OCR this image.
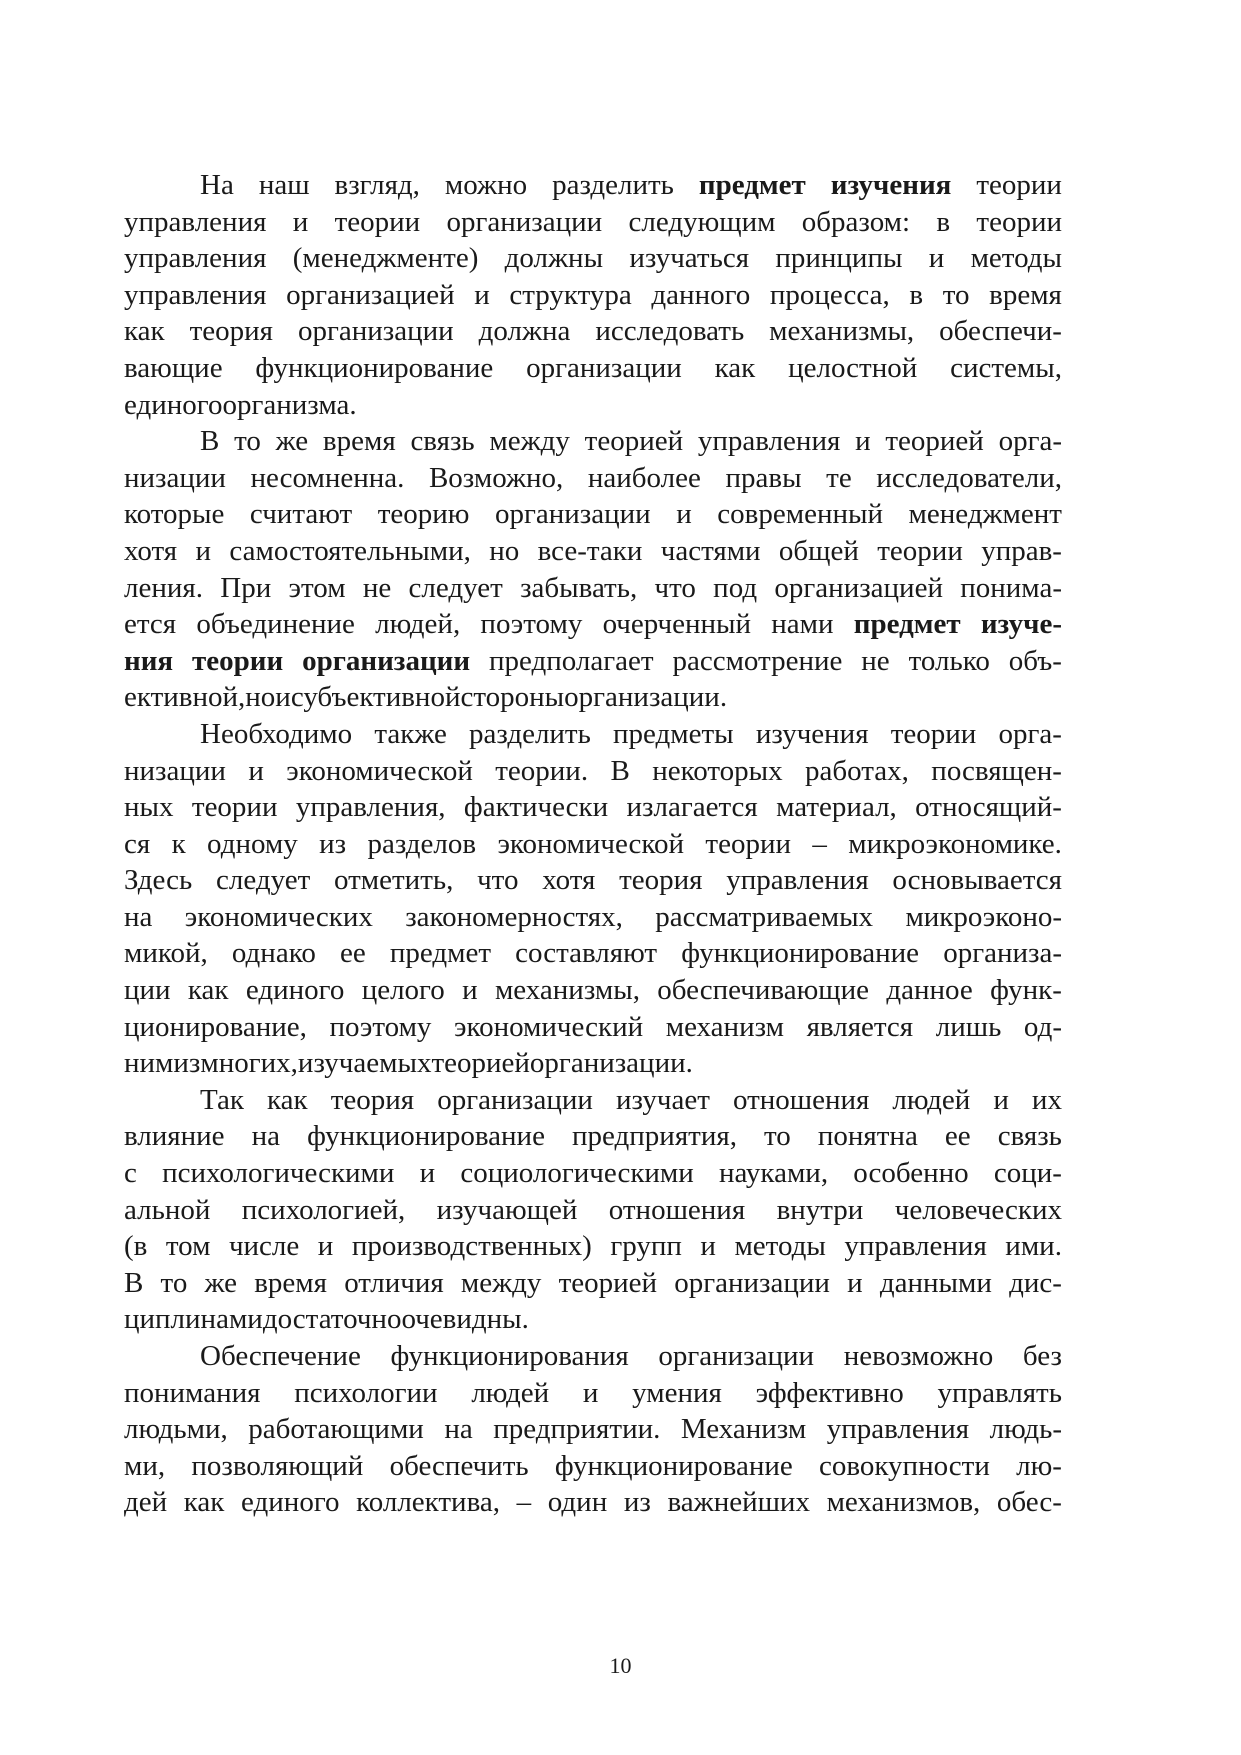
На наш взгляд, можно разделить предмет изучения теории
управления и теории организации следующим образом: в теории
управления (менеджменте) должны изучаться принципы и методы
управления организацией и структура данного процесса, в то время
как теория организации должна исследовать механизмы, обеспечи-
вающие функционирование организации как целостной системы,
единого организма.
В то же время связь между теорией управления и теорией орга-
низации несомненна. Возможно, наиболее правы те исследователи,
которые считают теорию организации и современный менеджмент
хотя и самостоятельными, но все-таки частями общей теории управ-
ления. При этом не следует забывать, что под организацией понима-
ется объединение людей, поэтому очерченный нами предмет изуче-
ния теории организации предполагает рассмотрение не только объ-
ективной, но и субъективной стороны организации.
Необходимо также разделить предметы изучения теории орга-
низации и экономической теории. В некоторых работах, посвящен-
ных теории управления, фактически излагается материал, относящий-
ся к одному из разделов экономической теории – микроэкономике.
Здесь следует отметить, что хотя теория управления основывается
на экономических закономерностях, рассматриваемых микроэконо-
микой, однако ее предмет составляют функционирование организа-
ции как единого целого и механизмы, обеспечивающие данное функ-
ционирование, поэтому экономический механизм является лишь од-
ним из многих, изучаемых теорией организации.
Так как теория организации изучает отношения людей и их
влияние на функционирование предприятия, то понятна ее связь
с психологическими и социологическими науками, особенно соци-
альной психологией, изучающей отношения внутри человеческих
(в том числе и производственных) групп и методы управления ими.
В то же время отличия между теорией организации и данными дис-
циплинами достаточно очевидны.
Обеспечение функционирования организации невозможно без
понимания психологии людей и умения эффективно управлять
людьми, работающими на предприятии. Механизм управления людь-
ми, позволяющий обеспечить функционирование совокупности лю-
дей как единого коллектива, – один из важнейших механизмов, обес-
10
